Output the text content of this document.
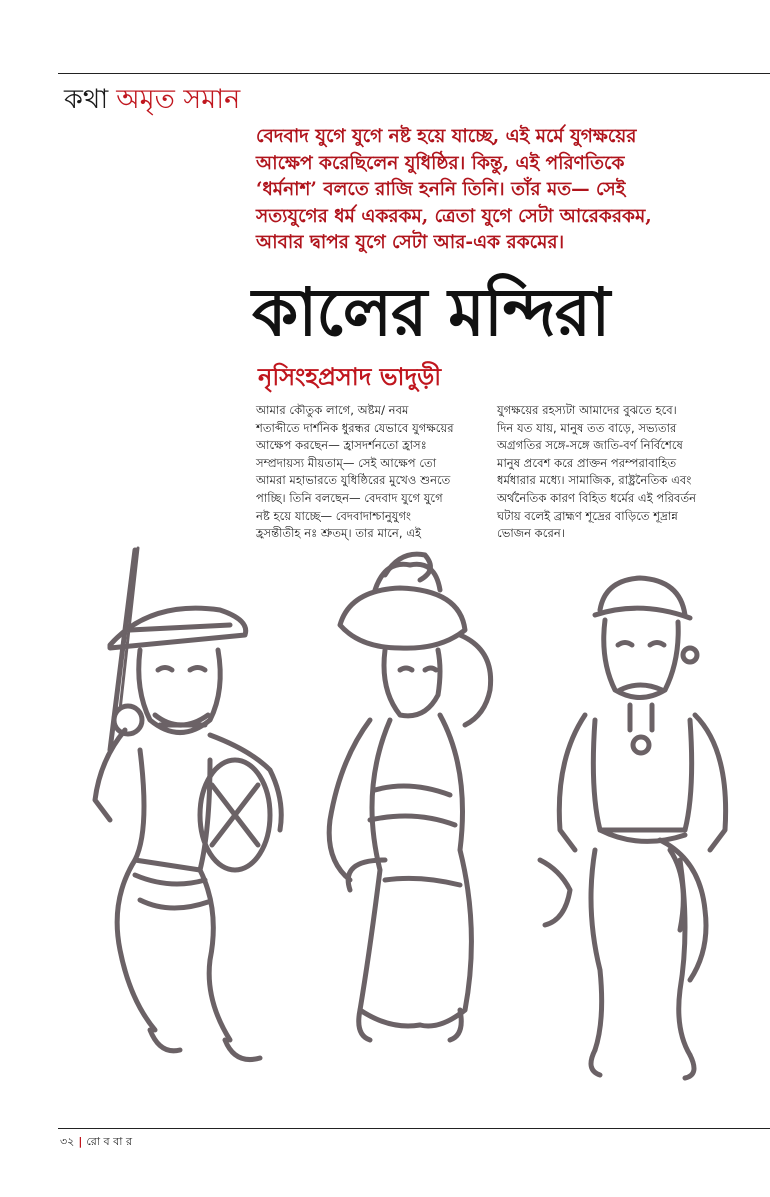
কথা অমৃত সমান
বেদবাদ যুগে যুগে নষ্ট হয়ে যাচ্ছে, এই মর্মে যুগক্ষয়ের
আক্ষেপ করেছিলেন যুধিষ্ঠির। কিন্তু, এই পরিণতিকে
‘ধর্মনাশ’ বলতে রাজি হননি তিনি। তাঁর মত— সেই
সত্যযুগের ধর্ম একরকম, ত্রেতা যুগে সেটা আরেকরকম,
আবার দ্বাপর যুগে সেটা আর-এক রকমের।
কালের মন্দিরা
নৃসিংহপ্রসাদ ভাদুড়ী
আমার কৌতুক লাগে, অষ্টম/ নবম
শতাব্দীতে দার্শনিক ধুরন্ধর যেভাবে যুগক্ষয়ের
আক্ষেপ করছেন— হ্রাসদর্শনতো হ্রাসঃ
সম্প্রদায়স্য মীয়তাম্— সেই আক্ষেপ তো
আমরা মহাভারতে যুধিষ্ঠিরের মুখেও শুনতে
পাচ্ছি। তিনি বলছেন— বেদবাদ যুগে যুগে
নষ্ট হয়ে যাচ্ছে— বেদবাদাশ্চানুযুগং
হ্রসন্তীতীহ নঃ শ্রুতম্। তার মানে, এই
যুগক্ষয়ের রহস্যটা আমাদের বুঝতে হবে।
দিন যত যায়, মানুষ তত বাড়ে, সভ্যতার
অগ্রগতির সঙ্গে-সঙ্গে জাতি-বর্ণ নির্বিশেষে
মানুষ প্রবেশ করে প্রাক্তন পরম্পরাবাহিত
ধর্মধারার মধ্যে। সামাজিক, রাষ্ট্রনৈতিক এবং
অর্থনৈতিক কারণ বিহিত ধর্মের এই পরিবর্তন
ঘটায় বলেই ব্রাহ্মণ শূদ্রের বাড়িতে শূদ্রান্ন
ভোজন করেন।
৩২ | রো ব বা র
